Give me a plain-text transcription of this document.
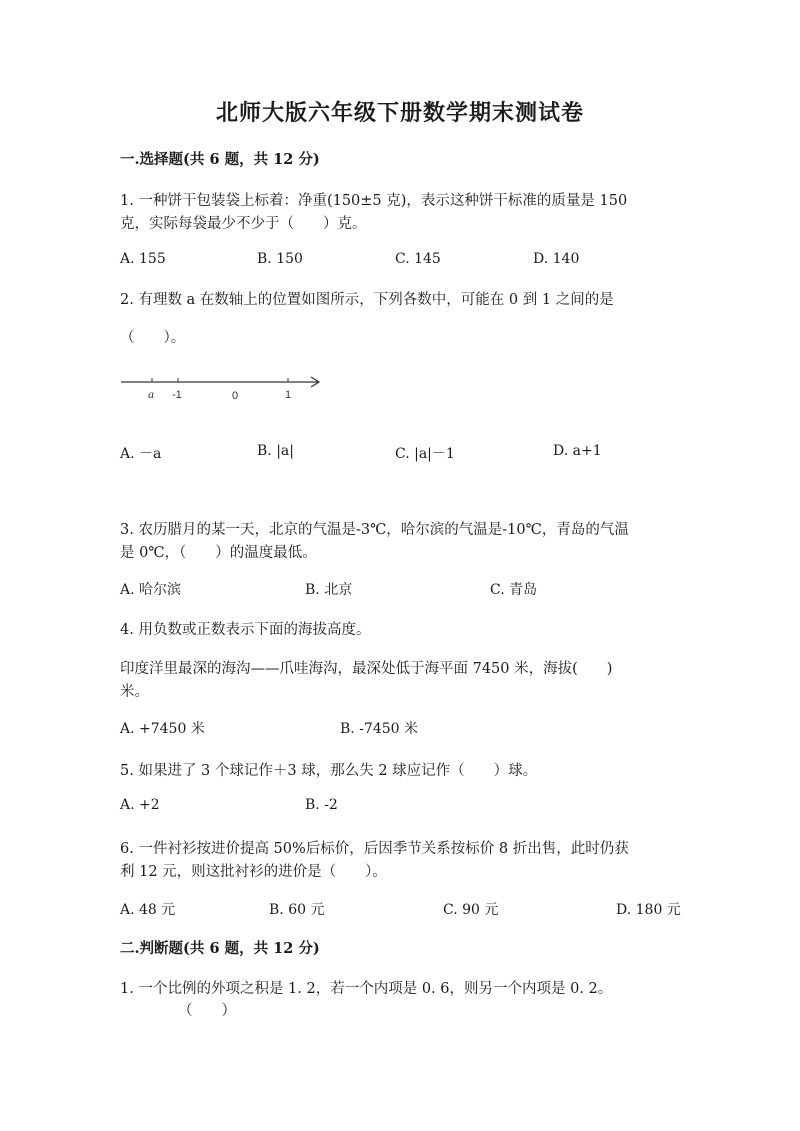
北师大版六年级下册数学期末测试卷
一.选择题(共 6 题，共 12 分)
1. 一种饼干包装袋上标着：净重(150±5 克)，表示这种饼干标准的质量是 150
克，实际每袋最少不少于（　　）克。
A. 155	B. 150	C. 145	D. 140
2. 有理数 a 在数轴上的位置如图所示，下列各数中，可能在 0 到 1 之间的是
（　　）。
a -1	0	1
A. －a	B. |a|	C. |a|－1	D. a+1
3. 农历腊月的某一天，北京的气温是-3℃，哈尔滨的气温是-10℃，青岛的气温
是 0℃，（　　）的温度最低。
A. 哈尔滨	B. 北京	C. 青岛
4. 用负数或正数表示下面的海拔高度。
印度洋里最深的海沟——爪哇海沟，最深处低于海平面 7450 米，海拔(　　)
米。
A. +7450 米	B. -7450 米
5. 如果进了 3 个球记作＋3 球，那么失 2 球应记作（　　）球。
A. +2	B. -2
6. 一件衬衫按进价提高 50%后标价，后因季节关系按标价 8 折出售，此时仍获
利 12 元，则这批衬衫的进价是（　　）。
A. 48 元	B. 60 元	C. 90 元	D. 180 元
二.判断题(共 6 题，共 12 分)
1. 一个比例的外项之积是 1. 2，若一个内项是 0. 6，则另一个内项是 0. 2。
（　　）
